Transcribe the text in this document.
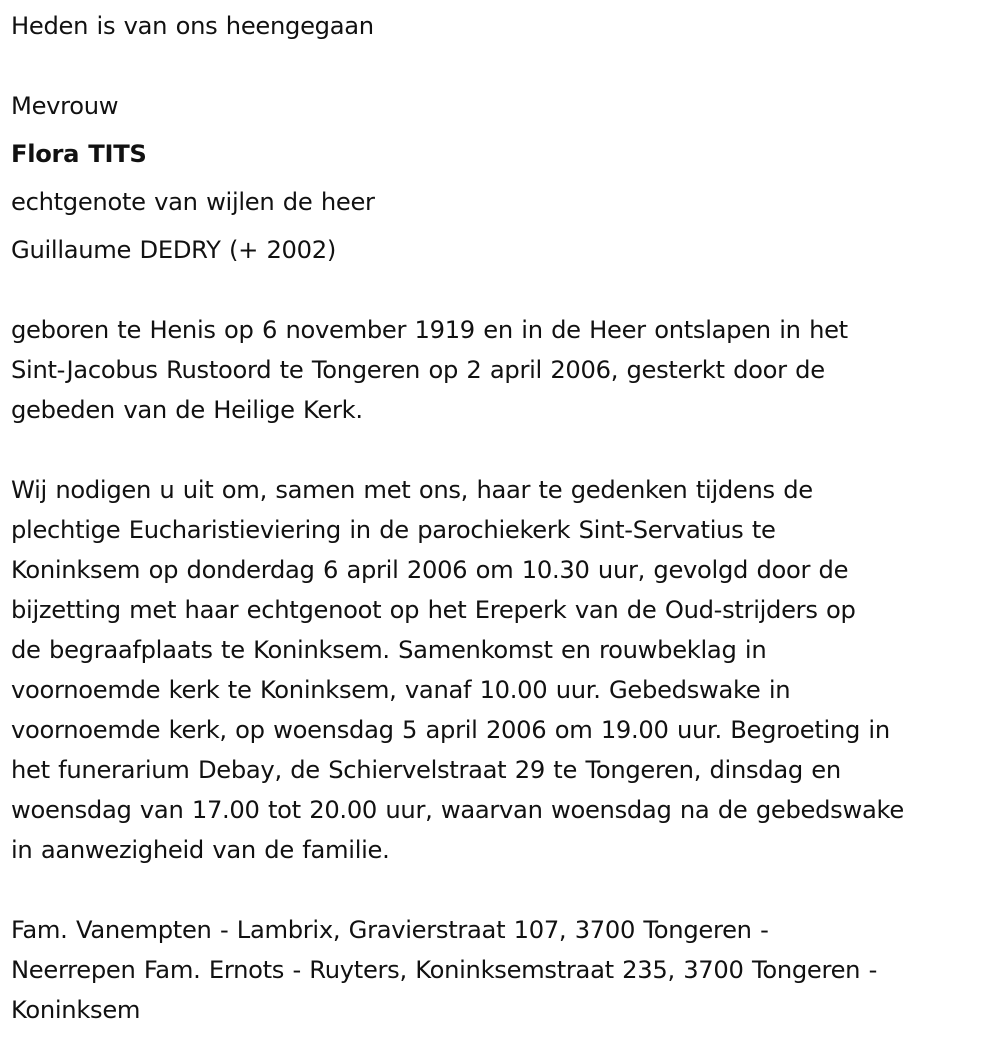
Heden is van ons heengegaan
Mevrouw
Flora TITS
echtgenote van wijlen de heer
Guillaume DEDRY (+ 2002)
geboren te Henis op 6 november 1919 en in de Heer ontslapen in het
Sint-Jacobus Rustoord te Tongeren op 2 april 2006, gesterkt door de
gebeden van de Heilige Kerk.
Wij nodigen u uit om, samen met ons, haar te gedenken tijdens de
plechtige Eucharistieviering in de parochiekerk Sint-Servatius te
Koninksem op donderdag 6 april 2006 om 10.30 uur, gevolgd door de
bijzetting met haar echtgenoot op het Ereperk van de Oud-strijders op
de begraafplaats te Koninksem. Samenkomst en rouwbeklag in
voornoemde kerk te Koninksem, vanaf 10.00 uur. Gebedswake in
voornoemde kerk, op woensdag 5 april 2006 om 19.00 uur. Begroeting in
het funerarium Debay, de Schiervelstraat 29 te Tongeren, dinsdag en
woensdag van 17.00 tot 20.00 uur, waarvan woensdag na de gebedswake
in aanwezigheid van de familie.
Fam. Vanempten - Lambrix, Gravierstraat 107, 3700 Tongeren -
Neerrepen Fam. Ernots - Ruyters, Koninksemstraat 235, 3700 Tongeren -
Koninksem
